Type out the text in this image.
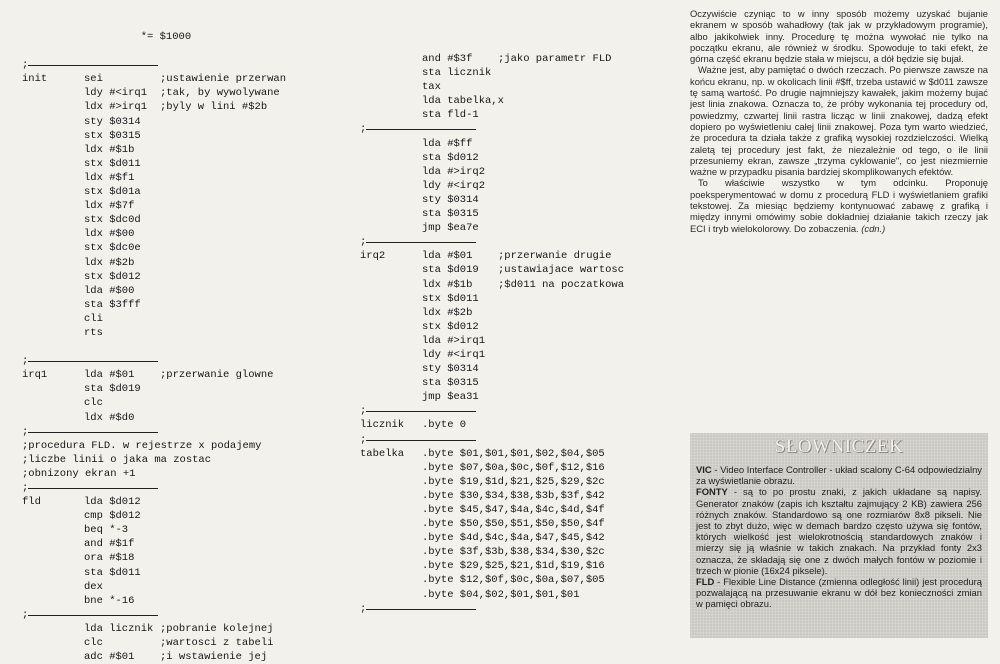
*= $1000
;
init	sei	;ustawienie przerwan
ldy #<irq1 ;tak, by wywolywane
ldx #>irq1 ;byly w lini #$2b
sty $0314
stx $0315
ldx #$1b
stx $d011
ldx #$f1
stx $d01a
ldx #$7f
stx $dc0d
ldx #$00
stx $dc0e
ldx #$2b
stx $d012
lda #$00
sta $3fff
cli
rts
;
irq1	lda #$01 ;przerwanie glowne
sta $d019
clc
ldx #$d0
;
;procedura FLD. w rejestrze x podajemy
;liczbe linii o jaka ma zostac
;obnizony ekran +1
;
fld	lda $d012
cmp $d012
beq *-3
and #$1f
ora #$18
sta $d011
dex
bne *-16
;
lda licznik ;pobranie kolejnej
clc	;wartosci z tabeli
adc #$01 ;i wstawienie jej
and #$3f ;jako parametr FLD
sta licznik
tax
lda tabelka,x
sta fld-1
;
lda #$ff
sta $d012
lda #>irq2
ldy #<irq2
sty $0314
sta $0315
jmp $ea7e
;
irq2	lda #$01 ;przerwanie drugie
sta $d019 ;ustawiajace wartosc
ldx #$1b ;$d011 na poczatkowa
stx $d011
ldx #$2b
stx $d012
lda #>irq1
ldy #<irq1
sty $0314
sta $0315
jmp $ea31
;
licznik .byte 0
;
tabelka .byte $01,$01,$01,$02,$04,$05
.byte $07,$0a,$0c,$0f,$12,$16
.byte $19,$1d,$21,$25,$29,$2c
.byte $30,$34,$38,$3b,$3f,$42
.byte $45,$47,$4a,$4c,$4d,$4f
.byte $50,$50,$51,$50,$50,$4f
.byte $4d,$4c,$4a,$47,$45,$42
.byte $3f,$3b,$38,$34,$30,$2c
.byte $29,$25,$21,$1d,$19,$16
.byte $12,$0f,$0c,$0a,$07,$05
.byte $04,$02,$01,$01,$01
;

Oczywiście czyniąc to w inny sposób możemy uzyskać bujanie ekranem w sposób wahadłowy (tak jak w przykładowym programie), albo jakikolwiek inny. Procedurę tę można wywołać nie tylko na początku ekranu, ale również w środku. Spowoduje to taki efekt, że górna część ekranu będzie stała w miejscu, a dół będzie się bujał.

Ważne jest, aby pamiętać o dwóch rzeczach. Po pierwsze zawsze na końcu ekranu, np. w okolicach linii #$ff, trzeba ustawić w $d011 zawsze tę samą wartość. Po drugie najmniejszy kawałek, jakim możemy bujać jest linia znakowa. Oznacza to, że próby wykonania tej procedury od, powiedzmy, czwartej linii rastra licząc w linii znakowej, dadzą efekt dopiero po wyświetleniu całej linii znakowej. Poza tym warto wiedzieć, że procedura ta działa także z grafiką wysokiej rozdzielczości. Wielką zaletą tej procedury jest fakt, że niezależnie od tego, o ile linii przesuniemy ekran, zawsze „trzyma cyklowanie", co jest niezmiernie ważne w przypadku pisania bardziej skomplikowanych efektów.

To właściwie wszystko w tym odcinku. Proponuję poeksperymentować w domu z procedurą FLD i wyświetlaniem grafiki tekstowej. Za miesiąc będziemy kontynuować zabawę z grafiką i między innymi omówimy sobie dokładniej działanie takich rzeczy jak ECI i tryb wielokolorowy. Do zobaczenia. (cdn.)

SŁOWNICZEK

VIC - Video Interface Controller - układ scalony C-64 odpowiedzialny za wyświetlanie obrazu.

FONTY - są to po prostu znaki, z jakich układane są napisy. Generator znaków (zapis ich kształtu zajmujący 2 KB) zawiera 256 różnych znaków. Standardowo są one rozmiarów 8x8 pikseli. Nie jest to zbyt dużo, więc w demach bardzo często używa się fontów, których wielkość jest wielokrotnością standardowych znaków i mierzy się ją właśnie w takich znakach. Na przykład fonty 2x3 oznacza, że składają się one z dwóch małych fontów w poziomie i trzech w pionie (16x24 piksele).

FLD - Flexible Line Distance (zmienna odległość linii) jest procedurą pozwalającą na przesuwanie ekranu w dół bez konieczności zmian w pamięci obrazu.
